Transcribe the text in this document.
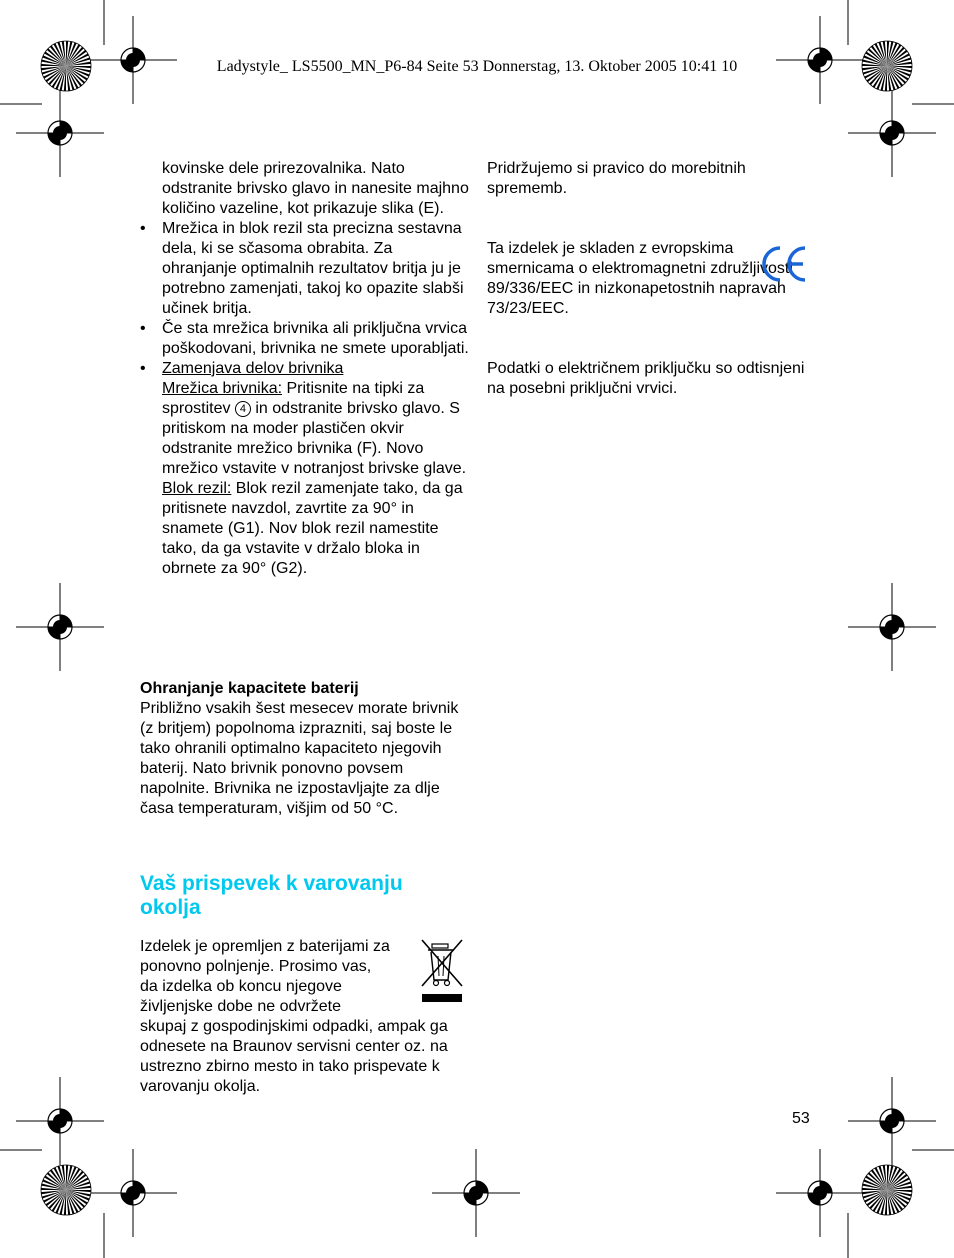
Ladystyle_ LS5500_MN_P6-84 Seite 53 Donnerstag, 13. Oktober 2005 10:41 10

kovinske dele prirezovalnika. Nato odstranite brivsko glavo in nanesite majhno količino vazeline, kot prikazuje slika (E).

• Mrežica in blok rezil sta precizna sestavna dela, ki se sčasoma obrabita. Za ohranjanje optimalnih rezultatov britja ju je potrebno zamenjati, takoj ko opazite slabši učinek britja.

• Če sta mrežica brivnika ali priključna vrvica poškodovani, brivnika ne smete uporabljati.

• Zamenjava delov brivnika

Mrežica brivnika: Pritisnite na tipki za sprostitev 4 in odstranite brivsko glavo. S pritiskom na moder plastičen okvir odstranite mrežico brivnika (F). Novo mrežico vstavite v notranjost brivske glave.

Blok rezil: Blok rezil zamenjate tako, da ga pritisnete navzdol, zavrtite za 90° in snamete (G1). Nov blok rezil namestite tako, da ga vstavite v držalo bloka in obrnete za 90° (G2).

Ohranjanje kapacitete baterij

Približno vsakih šest mesecev morate brivnik (z britjem) popolnoma izprazniti, saj boste le tako ohranili optimalno kapaciteto njegovih baterij. Nato brivnik ponovno povsem napolnite. Brivnika ne izpostavljajte za dlje časa temperaturam, višjim od 50 °C.

Vaš prispevek k varovanju okolja

Izdelek je opremljen z baterijami za ponovno polnjenje. Prosimo vas, da izdelka ob koncu njegove življenjske dobe ne odvržete skupaj z gospodinjskimi odpadki, ampak ga odnesete na Braunov servisni center oz. na ustrezno zbirno mesto in tako prispevate k varovanju okolja.

Pridržujemo si pravico do morebitnih sprememb.

Ta izdelek je skladen z evropskima smernicama o elektromagnetni združljivosti 89/336/EEC in nizkonapetostnih napravah 73/23/EEC.

Podatki o električnem priključku so odtisnjeni na posebni priključni vrvici.

53
